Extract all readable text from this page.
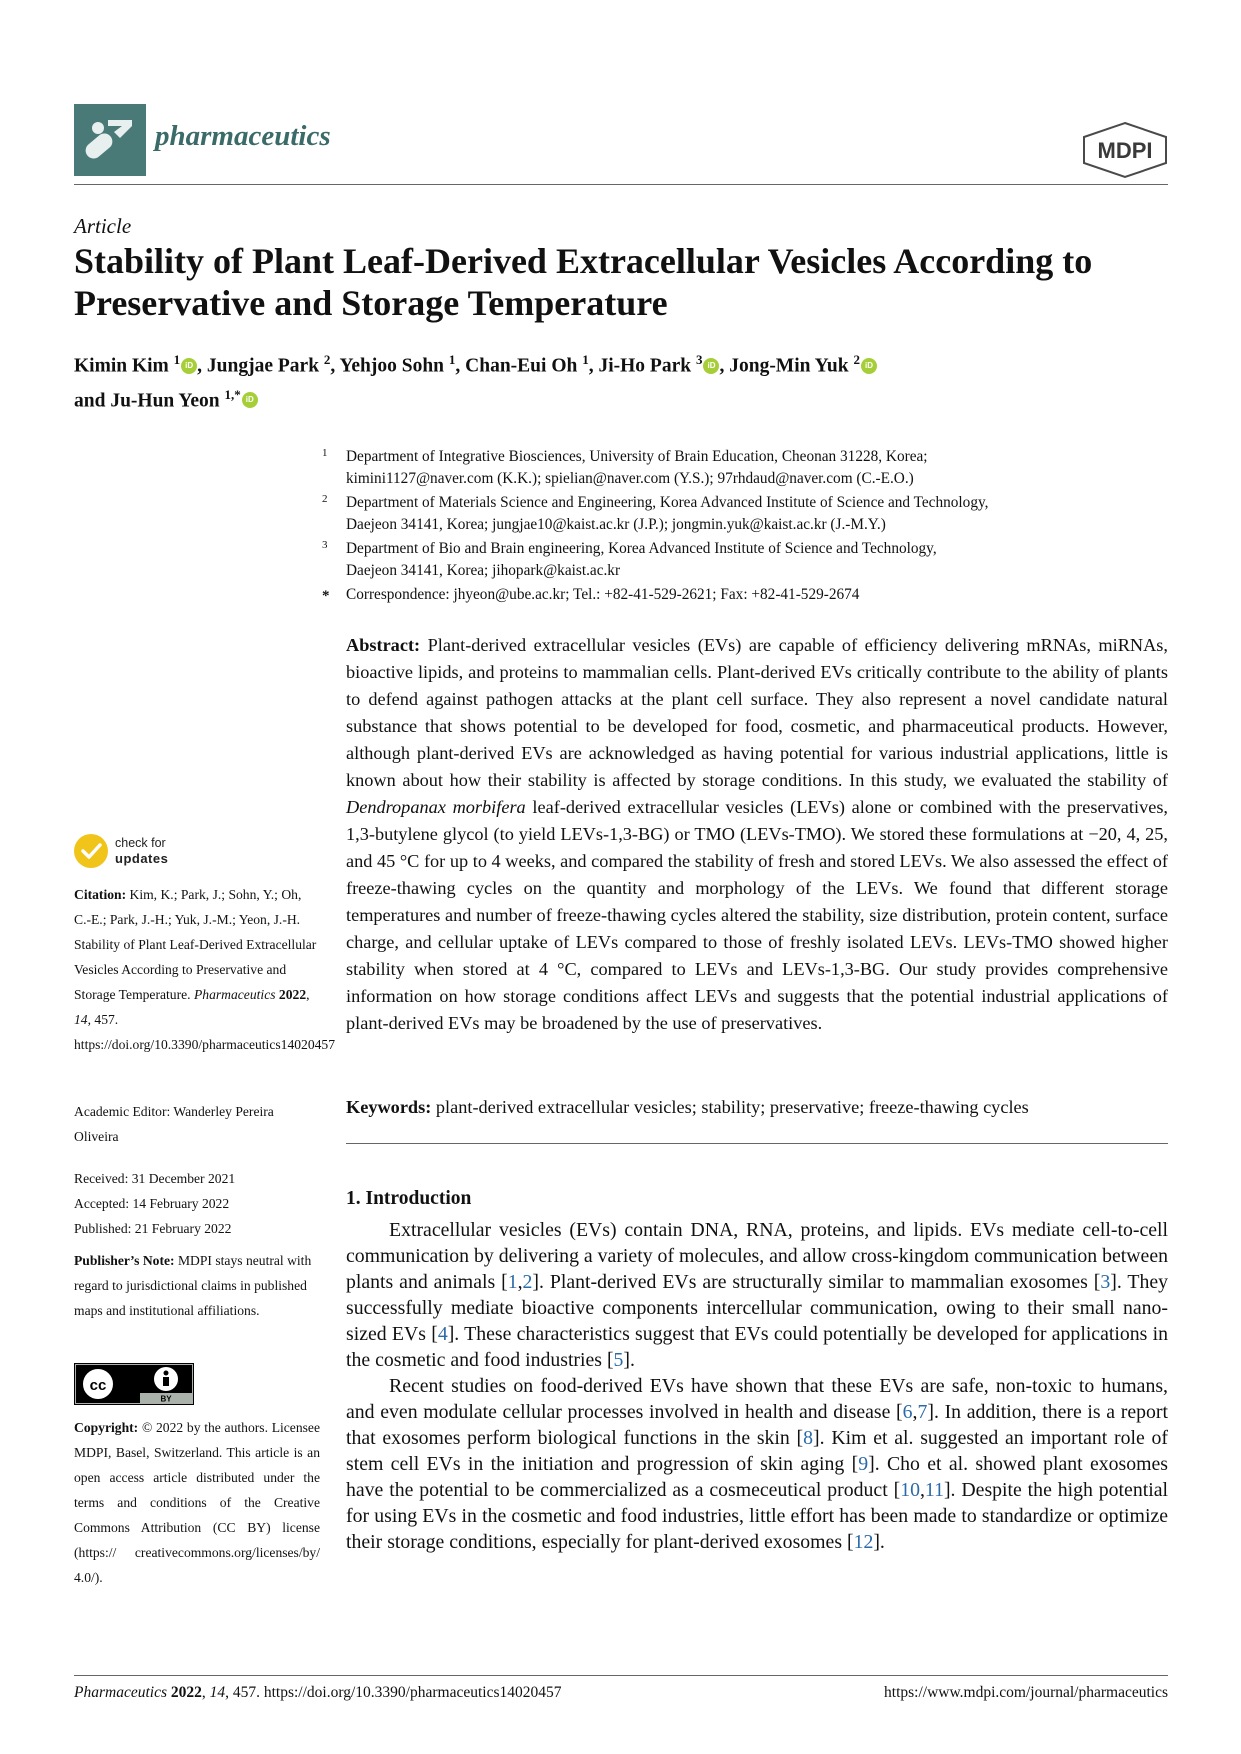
pharmaceutics	MDPI
Article
Stability of Plant Leaf-Derived Extracellular Vesicles According to Preservative and Storage Temperature
Kimin Kim $^1$ iD , Jungjae Park $^2$, Yehjoo Sohn $^1$, Chan-Eui Oh $^1$, Ji-Ho Park $^3$ iD , Jong-Min Yuk $^2$ iD
and Ju-Hun Yeon $^{1,*}$ iD
1 Department of Integrative Biosciences, University of Brain Education, Cheonan 31228, Korea;
kimini1127@naver.com (K.K.); spielian@naver.com (Y.S.); 97rhdaud@naver.com (C.-E.O.)
2 Department of Materials Science and Engineering, Korea Advanced Institute of Science and Technology,
Daejeon 34141, Korea; jungjae10@kaist.ac.kr (J.P.); jongmin.yuk@kaist.ac.kr (J.-M.Y.)
3 Department of Bio and Brain engineering, Korea Advanced Institute of Science and Technology,
Daejeon 34141, Korea; jihopark@kaist.ac.kr
* Correspondence: jhyeon@ube.ac.kr; Tel.: +82-41-529-2621; Fax: +82-41-529-2674
Abstract: Plant-derived extracellular vesicles (EVs) are capable of efficiency delivering mRNAs, miRNAs, bioactive lipids, and proteins to mammalian cells. Plant-derived EVs critically contribute to the ability of plants to defend against pathogen attacks at the plant cell surface. They also represent a novel candidate natural substance that shows potential to be developed for food, cosmetic, and pharmaceutical products. However, although plant-derived EVs are acknowledged as having potential for various industrial applications, little is known about how their stability is affected by storage conditions. In this study, we evaluated the stability of Dendropanax morbifera leaf-derived extracellular vesicles (LEVs) alone or combined with the preservatives, 1,3-butylene glycol (to yield LEVs-1,3-BG) or TMO (LEVs-TMO). We stored these formulations at −20, 4, 25, and 45 °C for up to 4 weeks, and compared the stability of fresh and stored LEVs. We also assessed the effect of freeze-thawing cycles on the quantity and morphology of the LEVs. We found that different storage temperatures and number of freeze-thawing cycles altered the stability, size distribution, protein content, surface charge, and cellular uptake of LEVs compared to those of freshly isolated LEVs. LEVs-TMO showed higher stability when stored at 4 °C, compared to LEVs and LEVs-1,3-BG. Our study provides comprehensive information on how storage conditions affect LEVs and suggests that the potential industrial applications of plant-derived EVs may be broadened by the use of preservatives.
Keywords: plant-derived extracellular vesicles; stability; preservative; freeze-thawing cycles
check for
updates
Citation: Kim, K.; Park, J.; Sohn, Y.; Oh, C.-E.; Park, J.-H.; Yuk, J.-M.; Yeon, J.-H. Stability of Plant Leaf-Derived Extracellular Vesicles According to Preservative and Storage Temperature. Pharmaceutics 2022, 14, 457. https://doi.org/10.3390/pharmaceutics14020457
Academic Editor: Wanderley Pereira Oliveira
Received: 31 December 2021
Accepted: 14 February 2022
Published: 21 February 2022
Publisher’s Note: MDPI stays neutral with regard to jurisdictional claims in published maps and institutional affiliations.
cc
BY
Copyright: © 2022 by the authors. Licensee MDPI, Basel, Switzerland. This article is an open access article distributed under the terms and conditions of the Creative Commons Attribution (CC BY) license (https:// creativecommons.org/licenses/by/ 4.0/).
1. Introduction

Extracellular vesicles (EVs) contain DNA, RNA, proteins, and lipids. EVs mediate cell-to-cell communication by delivering a variety of molecules, and allow cross-kingdom communication between plants and animals [1,2]. Plant-derived EVs are structurally similar to mammalian exosomes [3]. They successfully mediate bioactive components intercellular communication, owing to their small nano-sized EVs [4]. These characteristics suggest that EVs could potentially be developed for applications in the cosmetic and food industries [5].

Recent studies on food-derived EVs have shown that these EVs are safe, non-toxic to humans, and even modulate cellular processes involved in health and disease [6,7]. In addition, there is a report that exosomes perform biological functions in the skin [8]. Kim et al. suggested an important role of stem cell EVs in the initiation and progression of skin aging [9]. Cho et al. showed plant exosomes have the potential to be commercialized as a cosmeceutical product [10,11]. Despite the high potential for using EVs in the cosmetic and food industries, little effort has been made to standardize or optimize their storage conditions, especially for plant-derived exosomes [12].

Pharmaceutics 2022, 14, 457. https://doi.org/10.3390/pharmaceutics14020457	https://www.mdpi.com/journal/pharmaceutics
